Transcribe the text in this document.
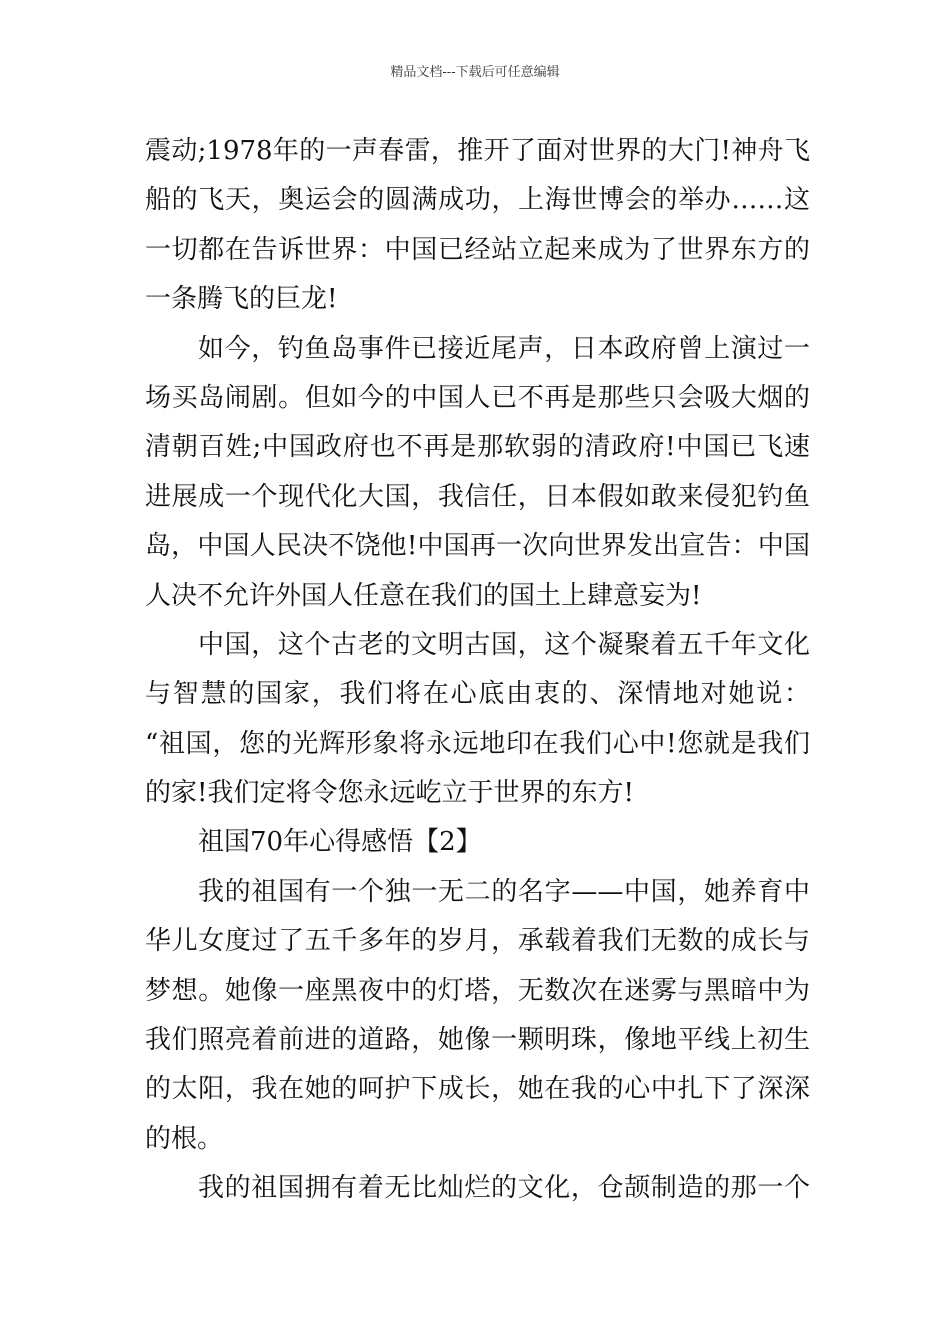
精品文档---下载后可任意编辑
震动;1978年的一声春雷，推开了面对世界的大门!神舟飞
船的飞天，奥运会的圆满成功，上海世博会的举办……这
一切都在告诉世界：中国已经站立起来成为了世界东方的
一条腾飞的巨龙!
如今，钓鱼岛事件已接近尾声，日本政府曾上演过一
场买岛闹剧。但如今的中国人已不再是那些只会吸大烟的
清朝百姓;中国政府也不再是那软弱的清政府!中国已飞速
进展成一个现代化大国，我信任，日本假如敢来侵犯钓鱼
岛，中国人民决不饶他!中国再一次向世界发出宣告：中国
人决不允许外国人任意在我们的国土上肆意妄为!
中国，这个古老的文明古国，这个凝聚着五千年文化
与智慧的国家，我们将在心底由衷的、深情地对她说：
“祖国，您的光辉形象将永远地印在我们心中!您就是我们
的家!我们定将令您永远屹立于世界的东方!
祖国70年心得感悟【2】
我的祖国有一个独一无二的名字——中国，她养育中
华儿女度过了五千多年的岁月，承载着我们无数的成长与
梦想。她像一座黑夜中的灯塔，无数次在迷雾与黑暗中为
我们照亮着前进的道路，她像一颗明珠，像地平线上初生
的太阳，我在她的呵护下成长，她在我的心中扎下了深深
的根。
我的祖国拥有着无比灿烂的文化，仓颉制造的那一个
